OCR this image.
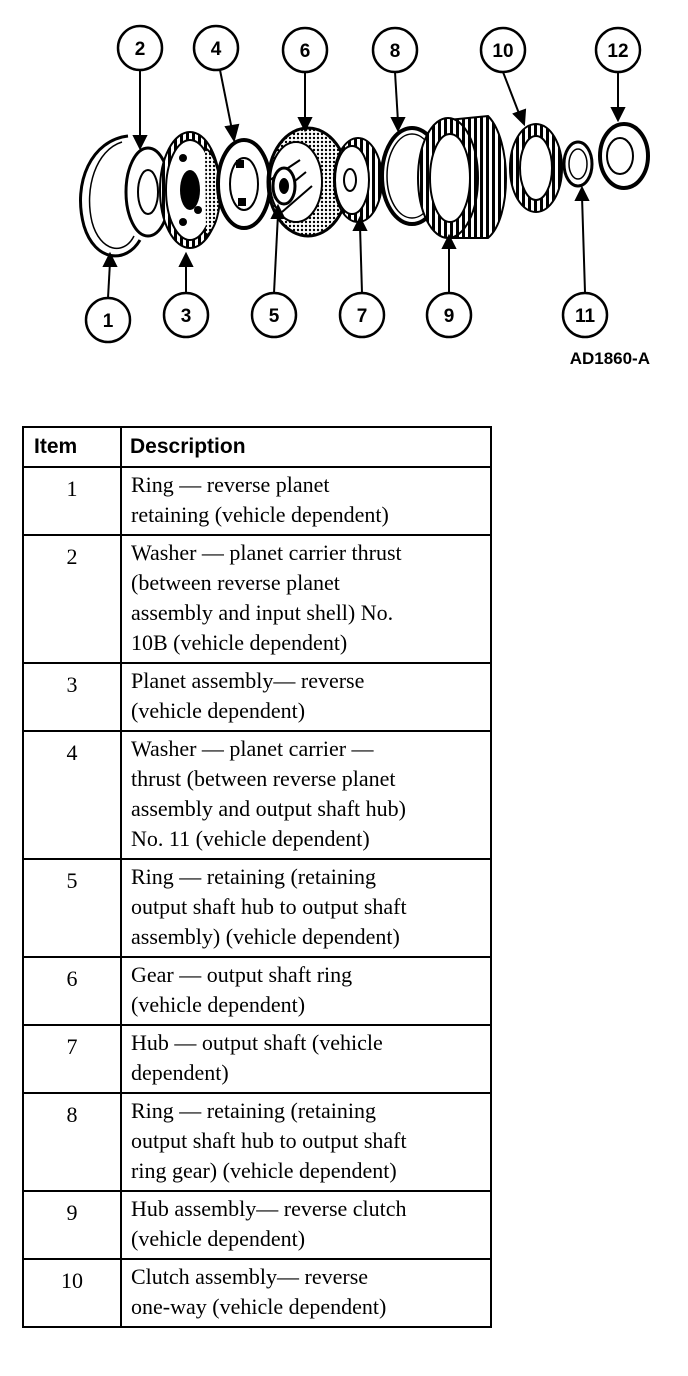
1
2
3
4
5
6
7
8
9
10
11
12
AD1860-A
Item	Description
1	Ring — reverse planet
retaining (vehicle dependent)

2	Washer — planet carrier thrust
(between reverse planet
assembly and input shell) No.
10B (vehicle dependent)

3	Planet assembly— reverse
(vehicle dependent)

4	Washer — planet carrier —
thrust (between reverse planet
assembly and output shaft hub)
No. 11 (vehicle dependent)

5	Ring — retaining (retaining
output shaft hub to output shaft
assembly) (vehicle dependent)

6	Gear — output shaft ring
(vehicle dependent)

7	Hub — output shaft (vehicle
dependent)

8	Ring — retaining (retaining
output shaft hub to output shaft
ring gear) (vehicle dependent)

9	Hub assembly— reverse clutch
(vehicle dependent)

10	Clutch assembly— reverse
one-way (vehicle dependent)
